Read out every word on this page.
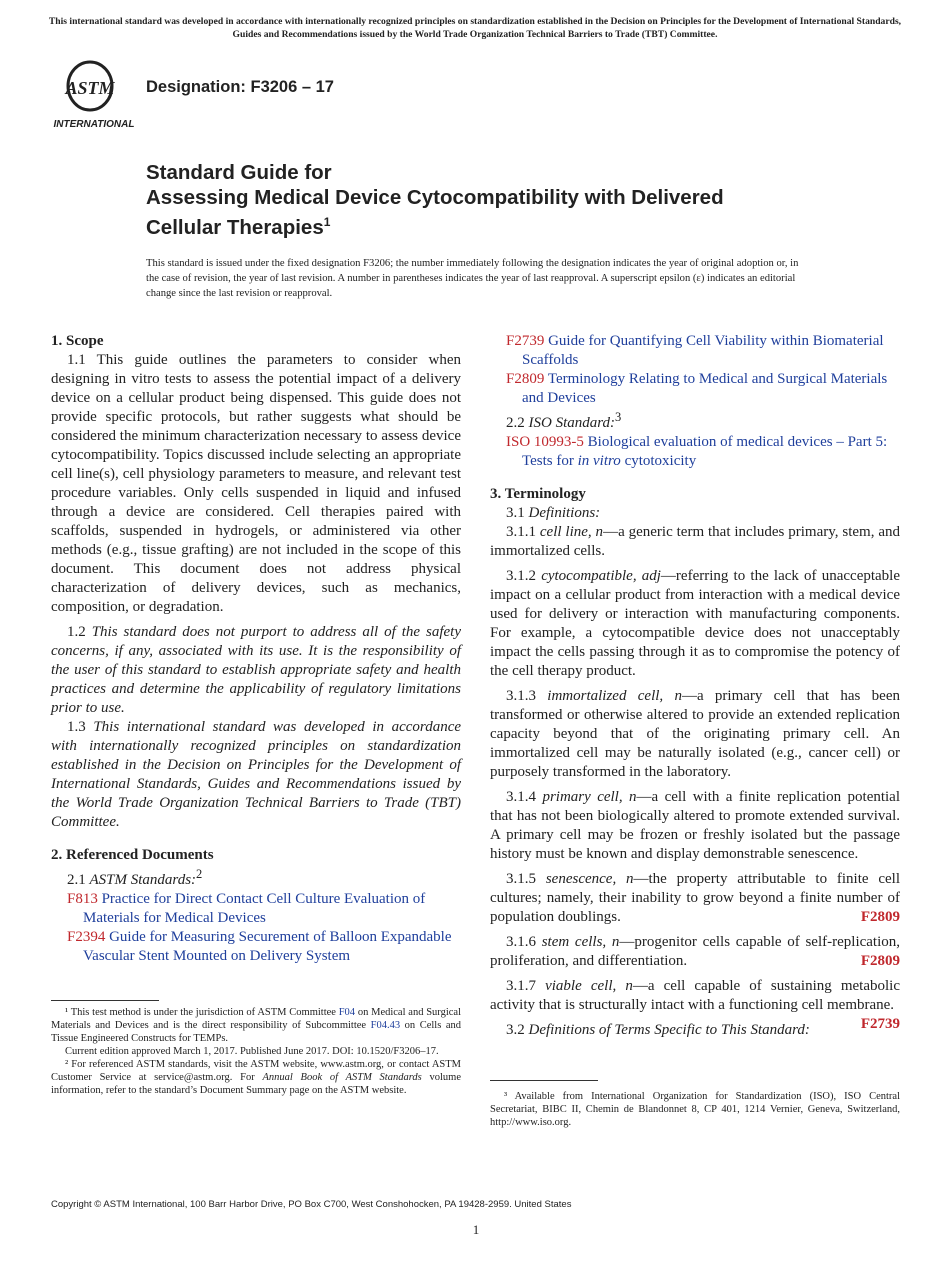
This international standard was developed in accordance with internationally recognized principles on standardization established in the Decision on Principles for the Development of International Standards, Guides and Recommendations issued by the World Trade Organization Technical Barriers to Trade (TBT) Committee.
ASTM
INTERNATIONAL
Designation: F3206 – 17
Standard Guide for
Assessing Medical Device Cytocompatibility with Delivered
Cellular Therapies$^1$
This standard is issued under the fixed designation F3206; the number immediately following the designation indicates the year of original adoption or, in the case of revision, the year of last revision. A number in parentheses indicates the year of last reapproval. A superscript epsilon (ε) indicates an editorial change since the last revision or reapproval.

1. Scope

1.1 This guide outlines the parameters to consider when designing in vitro tests to assess the potential impact of a delivery device on a cellular product being dispensed. This guide does not provide specific protocols, but rather suggests what should be considered the minimum characterization necessary to assess device cytocompatibility. Topics discussed include selecting an appropriate cell line(s), cell physiology parameters to measure, and relevant test procedure variables. Only cells suspended in liquid and infused through a device are considered. Cell therapies paired with scaffolds, suspended in hydrogels, or administered via other methods (e.g., tissue grafting) are not included in the scope of this document. This document does not address physical characterization of delivery devices, such as mechanics, composition, or degradation.

1.2 This standard does not purport to address all of the safety concerns, if any, associated with its use. It is the responsibility of the user of this standard to establish appropriate safety and health practices and determine the applicability of regulatory limitations prior to use.

1.3 This international standard was developed in accordance with internationally recognized principles on standardization established in the Decision on Principles for the Development of International Standards, Guides and Recommendations issued by the World Trade Organization Technical Barriers to Trade (TBT) Committee.

2. Referenced Documents

2.1 ASTM Standards:$^2$

F813 Practice for Direct Contact Cell Culture Evaluation of Materials for Medical Devices

F2394 Guide for Measuring Securement of Balloon Expandable Vascular Stent Mounted on Delivery System

F2739 Guide for Quantifying Cell Viability within Biomaterial Scaffolds

F2809 Terminology Relating to Medical and Surgical Materials and Devices

2.2 ISO Standard:$^3$

ISO 10993-5 Biological evaluation of medical devices – Part 5: Tests for in vitro cytotoxicity

3. Terminology

3.1 Definitions:

3.1.1 cell line, n—a generic term that includes primary, stem, and immortalized cells.

3.1.2 cytocompatible, adj—referring to the lack of unacceptable impact on a cellular product from interaction with a medical device used for delivery or interaction with manufacturing components. For example, a cytocompatible device does not unacceptably impact the cells passing through it as to compromise the potency of the cell therapy product.

3.1.3 immortalized cell, n—a primary cell that has been transformed or otherwise altered to provide an extended replication capacity beyond that of the originating primary cell. An immortalized cell may be naturally isolated (e.g., cancer cell) or purposely transformed in the laboratory.

3.1.4 primary cell, n—a cell with a finite replication potential that has not been biologically altered to promote extended survival. A primary cell may be frozen or freshly isolated but the passage history must be known and display demonstrable senescence.

3.1.5 senescence, n—the property attributable to finite cell cultures; namely, their inability to grow beyond a finite number of population doublings.	F2809

3.1.6 stem cells, n—progenitor cells capable of self-replication, proliferation, and differentiation.	F2809

3.1.7 viable cell, n—a cell capable of sustaining metabolic activity that is structurally intact with a functioning cell membrane.
F2739

3.2 Definitions of Terms Specific to This Standard:

¹ This test method is under the jurisdiction of ASTM Committee F04 on Medical and Surgical Materials and Devices and is the direct responsibility of Subcommittee F04.43 on Cells and Tissue Engineered Constructs for TEMPs.

Current edition approved March 1, 2017. Published June 2017. DOI: 10.1520/F3206–17.

² For referenced ASTM standards, visit the ASTM website, www.astm.org, or contact ASTM Customer Service at service@astm.org. For Annual Book of ASTM Standards volume information, refer to the standard’s Document Summary page on the ASTM website.

³ Available from International Organization for Standardization (ISO), ISO Central Secretariat, BIBC II, Chemin de Blandonnet 8, CP 401, 1214 Vernier, Geneva, Switzerland, http://www.iso.org.

Copyright © ASTM International, 100 Barr Harbor Drive, PO Box C700, West Conshohocken, PA 19428-2959. United States
1
